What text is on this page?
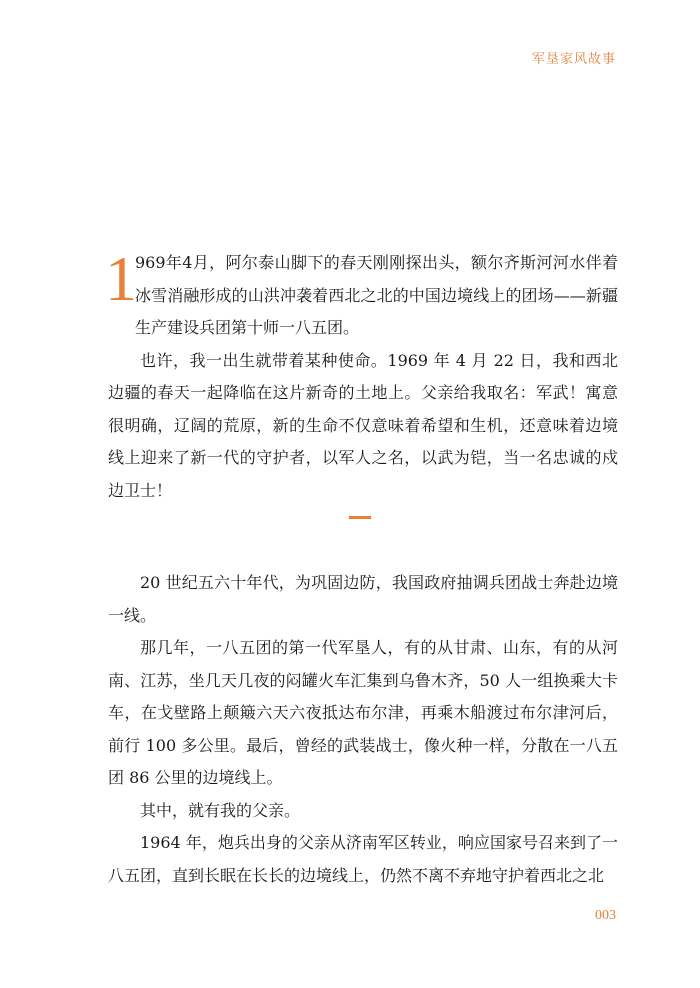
军垦家风故事

1
969年4月，阿尔泰山脚下的春天刚刚探出头，额尔齐斯河河水伴着冰雪消融形成的山洪冲袭着西北之北的中国边境线上的团场——新疆生产建设兵团第十师一八五团。

也许，我一出生就带着某种使命。1969 年 4 月 22 日，我和西北边疆的春天一起降临在这片新奇的土地上。父亲给我取名：军武！寓意很明确，辽阔的荒原，新的生命不仅意味着希望和生机，还意味着边境线上迎来了新一代的守护者，以军人之名，以武为铠，当一名忠诚的戍边卫士！

20 世纪五六十年代，为巩固边防，我国政府抽调兵团战士奔赴边境一线。

那几年，一八五团的第一代军垦人，有的从甘肃、山东，有的从河南、江苏，坐几天几夜的闷罐火车汇集到乌鲁木齐，50 人一组换乘大卡车，在戈壁路上颠簸六天六夜抵达布尔津，再乘木船渡过布尔津河后，前行 100 多公里。最后，曾经的武装战士，像火种一样，分散在一八五团 86 公里的边境线上。

其中，就有我的父亲。

1964 年，炮兵出身的父亲从济南军区转业，响应国家号召来到了一八五团，直到长眠在长长的边境线上，仍然不离不弃地守护着西北之北

003
